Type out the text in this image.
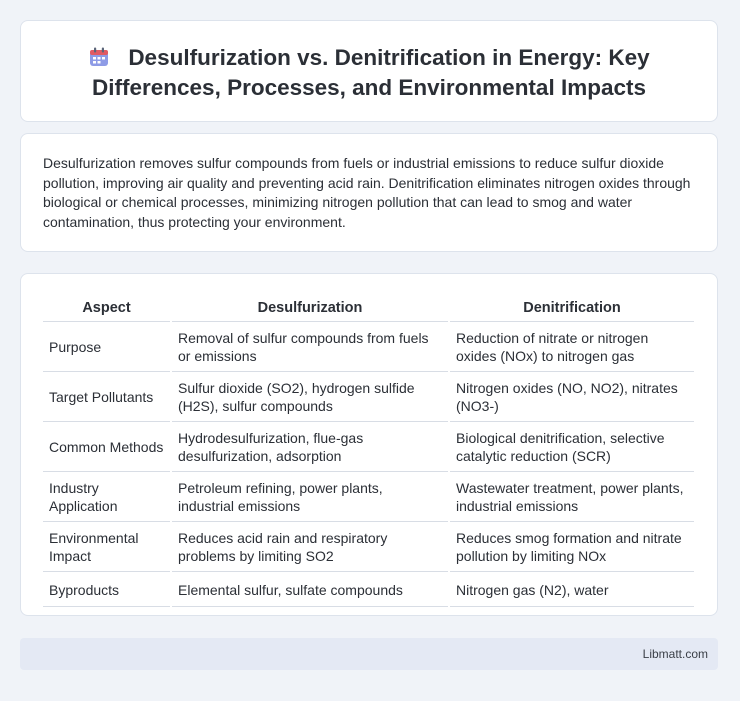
Desulfurization vs. Denitrification in Energy: Key Differences, Processes, and Environmental Impacts

Desulfurization removes sulfur compounds from fuels or industrial emissions to reduce sulfur dioxide pollution, improving air quality and preventing acid rain. Denitrification eliminates nitrogen oxides through biological or chemical processes, minimizing nitrogen pollution that can lead to smog and water contamination, thus protecting your environment.

Aspect	Desulfurization	Denitrification
Purpose	Removal of sulfur compounds from fuels or emissions	Reduction of nitrate or nitrogen oxides (NOx) to nitrogen gas
Target Pollutants	Sulfur dioxide (SO2), hydrogen sulfide (H2S), sulfur compounds	Nitrogen oxides (NO, NO2), nitrates (NO3-)
Common Methods	Hydrodesulfurization, flue-gas desulfurization, adsorption	Biological denitrification, selective catalytic reduction (SCR)
Industry Application	Petroleum refining, power plants, industrial emissions	Wastewater treatment, power plants, industrial emissions
Environmental Impact	Reduces acid rain and respiratory problems by limiting SO2	Reduces smog formation and nitrate pollution by limiting NOx
Byproducts	Elemental sulfur, sulfate compounds	Nitrogen gas (N2), water
Libmatt.com
